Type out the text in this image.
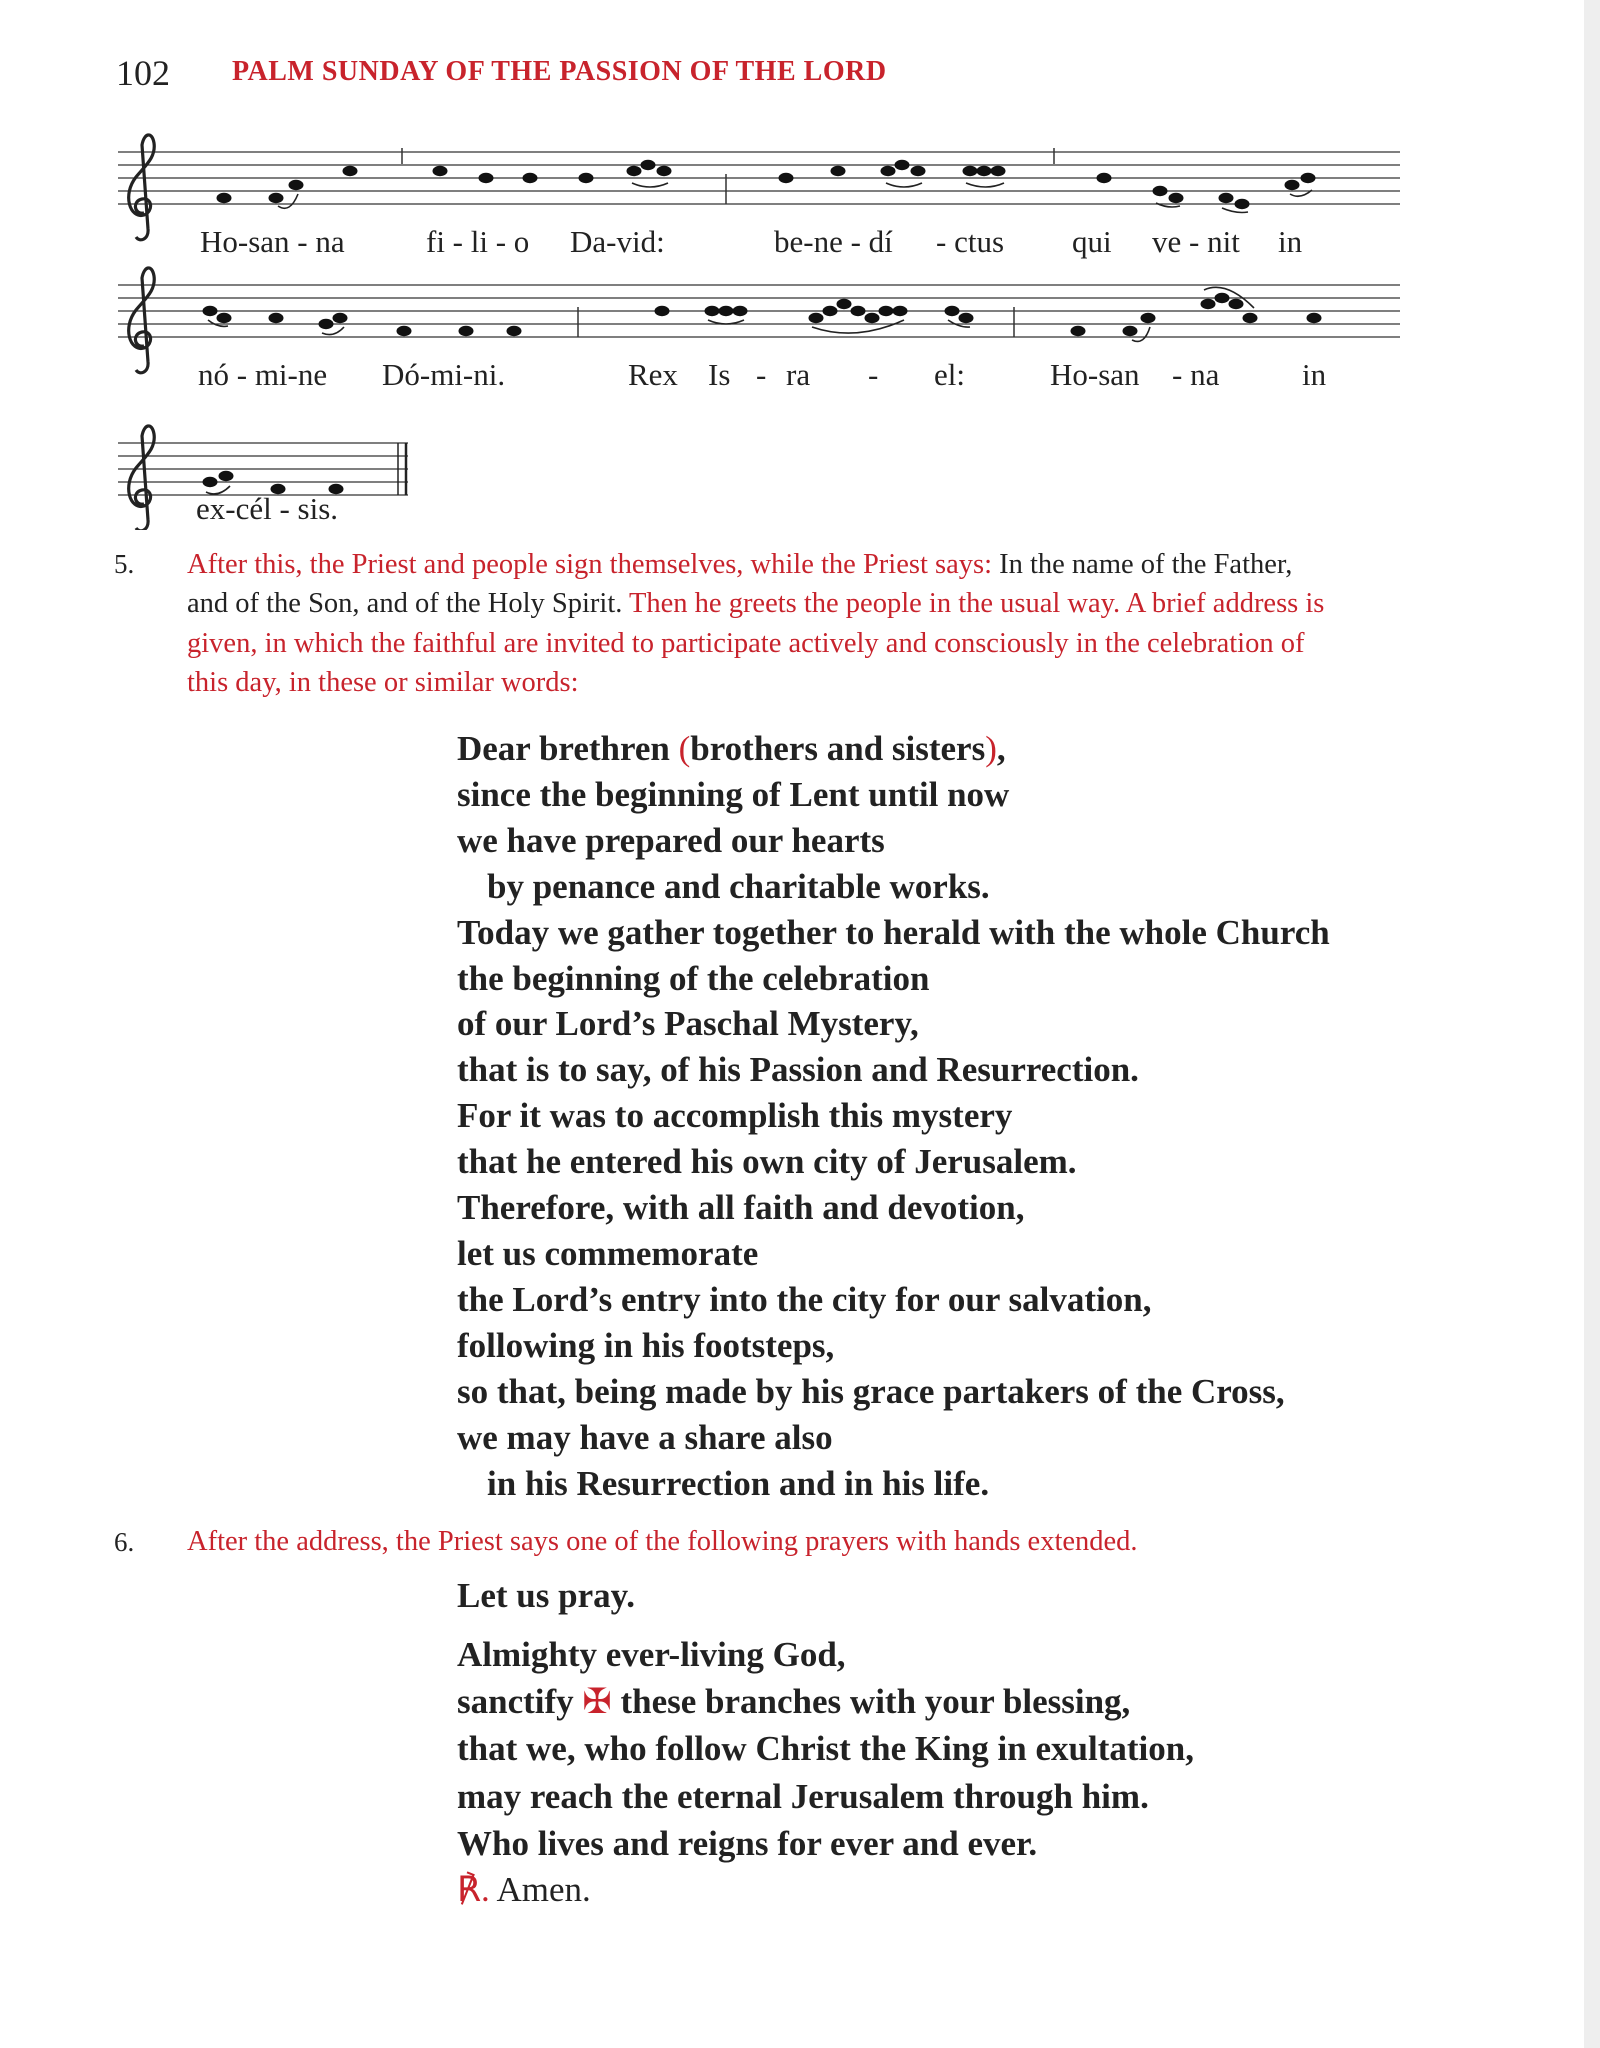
102 PALM SUNDAY OF THE PASSION OF THE LORD
Ho-san - na	fi - li - o Da-vid:	be-ne - dí - ctus qui ve - nit in
nó - mi-ne Dó-mi-ni.	Rex Is - ra - el:	Ho-san - na	in
ex-cél - sis.
5. After this, the Priest and people sign themselves, while the Priest says: In the name of the Father, and of the Son, and of the Holy Spirit. Then he greets the people in the usual way. A brief address is given, in which the faithful are invited to participate actively and consciously in the celebration of this day, in these or similar words:
Dear brethren (brothers and sisters),
since the beginning of Lent until now
we have prepared our hearts
by penance and charitable works.
Today we gather together to herald with the whole Church
the beginning of the celebration
of our Lord’s Paschal Mystery,
that is to say, of his Passion and Resurrection.
For it was to accomplish this mystery
that he entered his own city of Jerusalem.
Therefore, with all faith and devotion,
let us commemorate
the Lord’s entry into the city for our salvation,
following in his footsteps,
so that, being made by his grace partakers of the Cross,
we may have a share also
in his Resurrection and in his life.
6. After the address, the Priest says one of the following prayers with hands extended.
Let us pray.
Almighty ever-living God,
sanctify ✠ these branches with your blessing,
that we, who follow Christ the King in exultation,
may reach the eternal Jerusalem through him.
Who lives and reigns for ever and ever.
℟. Amen.
